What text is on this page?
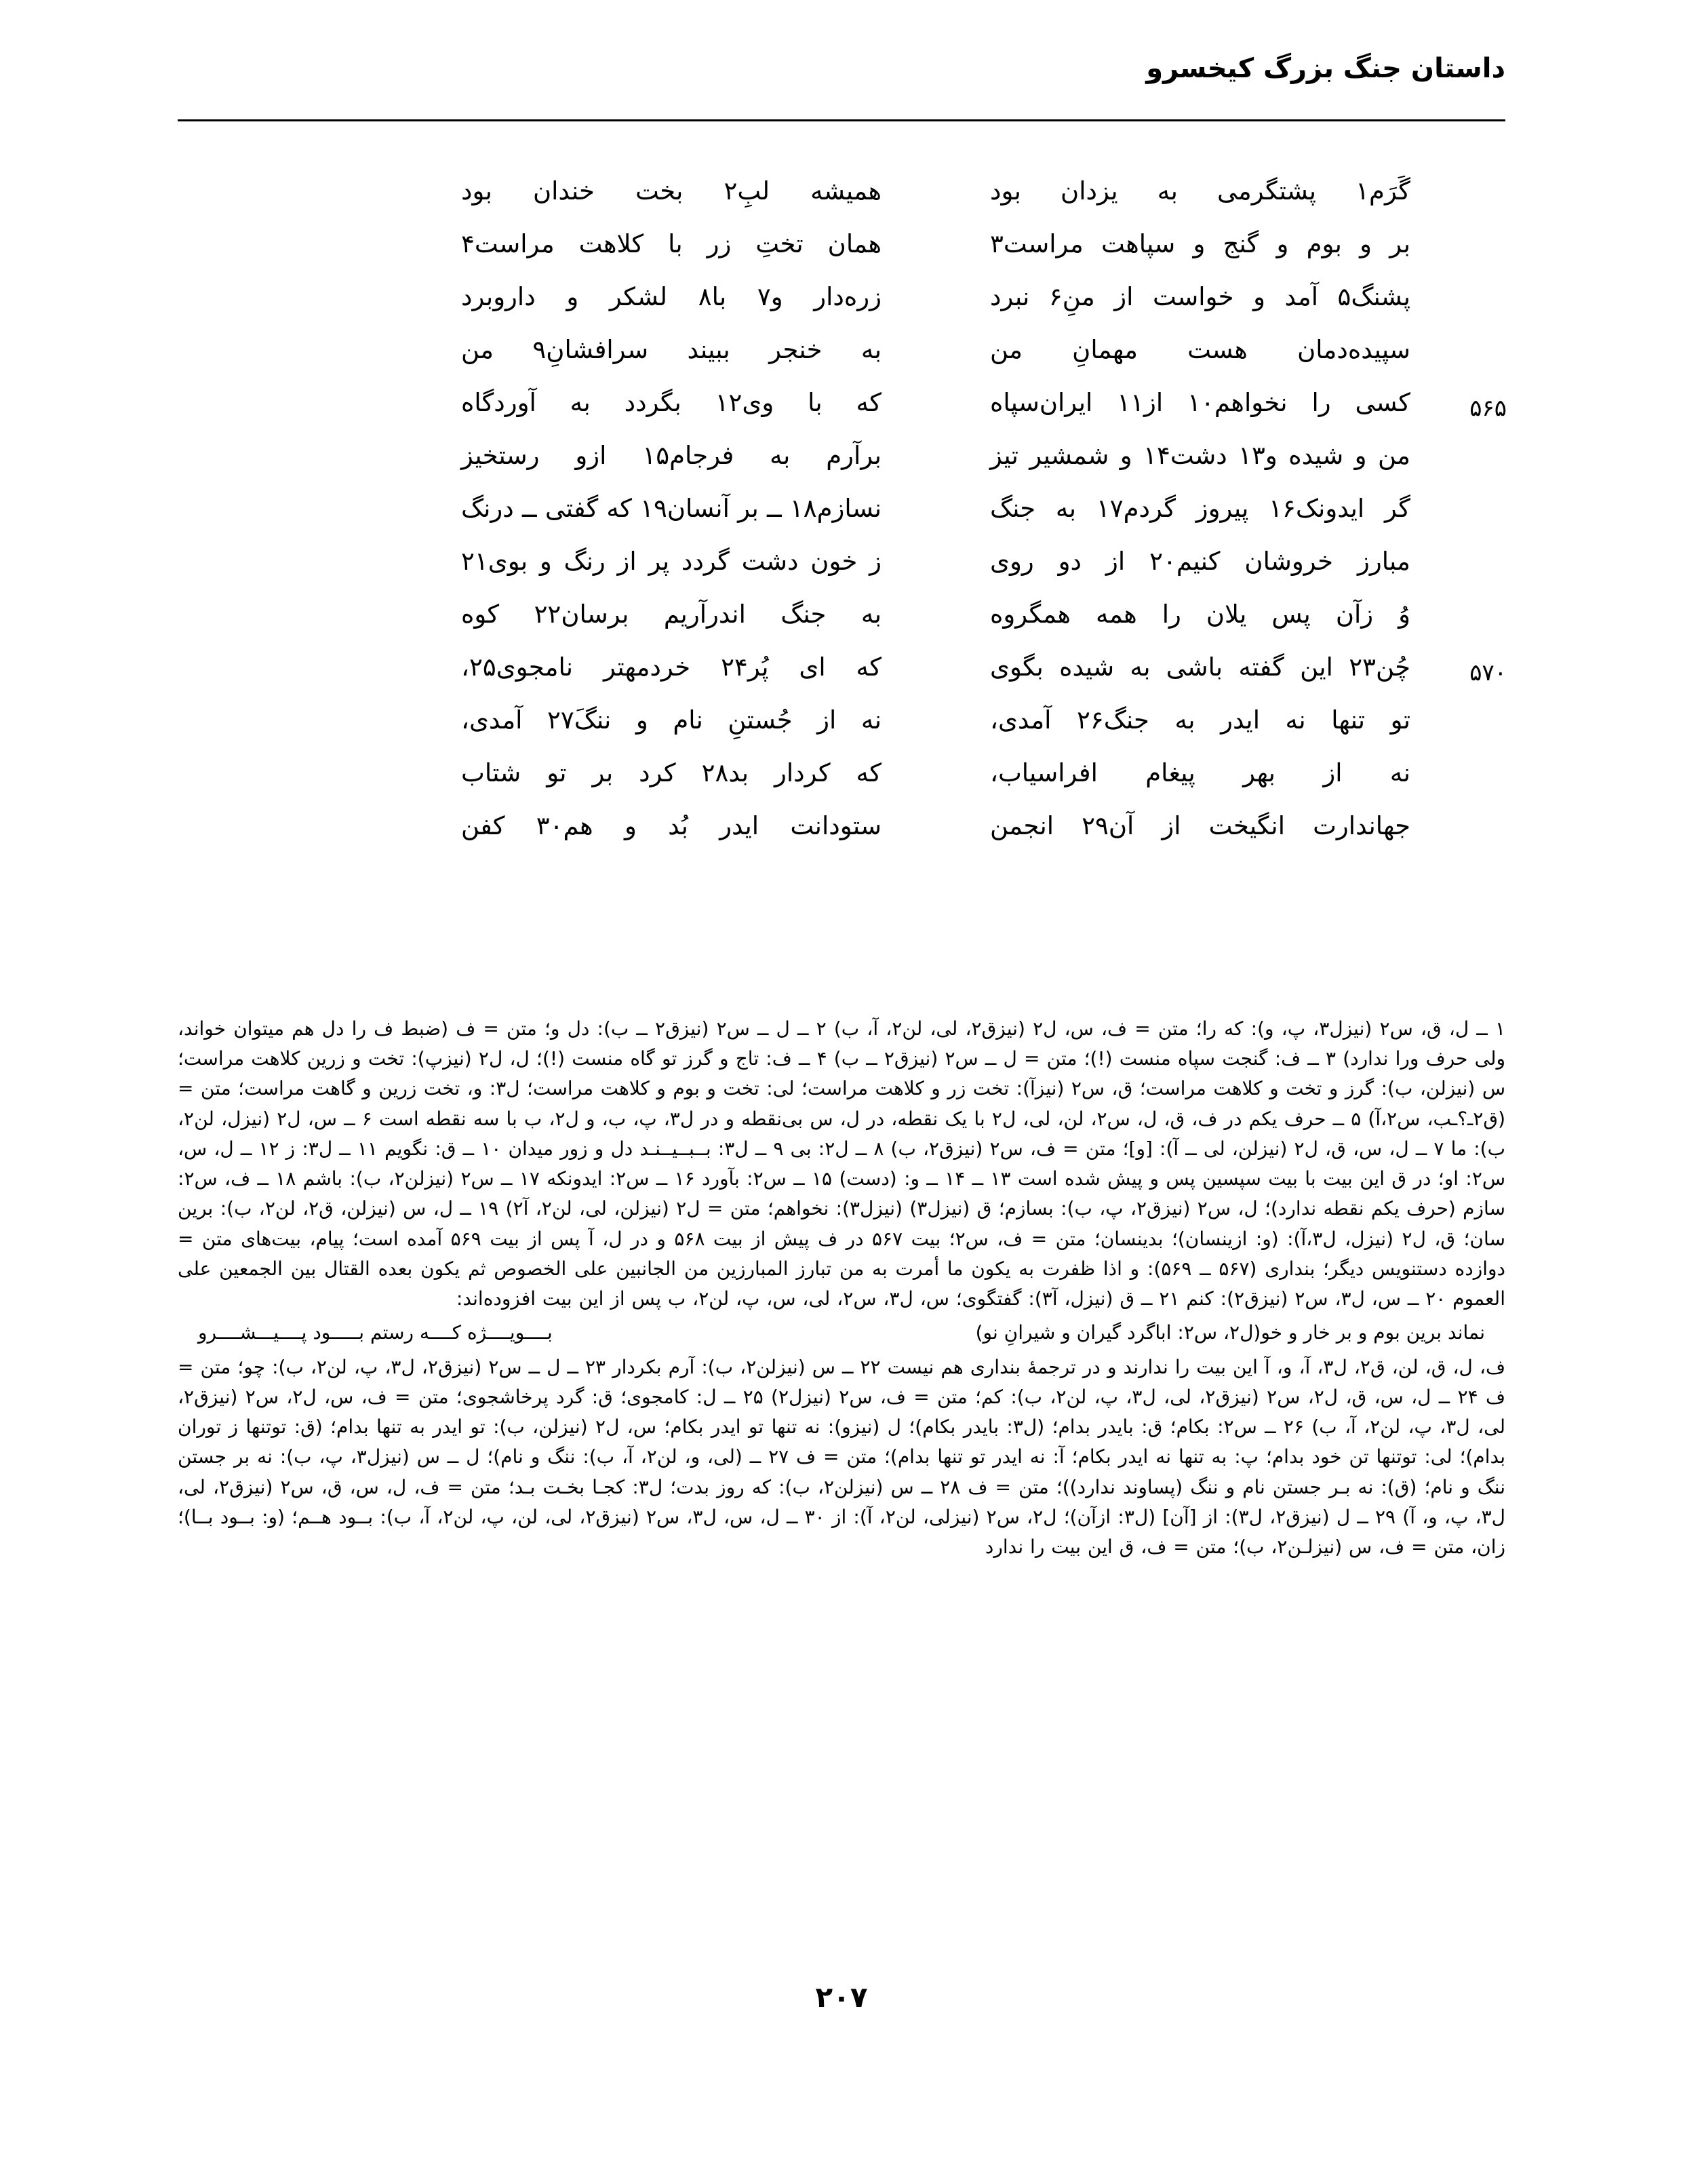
داستان جنگ بزرگ کیخسرو
گَرَم۱ پشتگرمی به یزدان بود
همیشه لبِ۲ بخت خندان بود
بر و بوم و گنج و سپاهت مراست۳
همان تختِ زر با کلاهت مراست۴
پشنگ۵ آمد و خواست از منِ۶ نبرد
زره‌دار و۷ با۸ لشکر و داروبرد
سپیده‌دمان هست مهمانِ من
به خنجر ببیند سرافشانِ۹ من
۵۶۵
کسی را نخواهم۱۰ از۱۱ ایران‌سپاه
که با وی۱۲ بگردد به آوردگاه
من و شیده و۱۳ دشت۱۴ و شمشیر تیز
برآرم به فرجام۱۵ ازو رستخیز
گر ایدونک۱۶ پیروز گردم۱۷ به جنگ
نسازم۱۸ ــ بر آنسان۱۹ که گفتی ــ درنگ
مبارز خروشان کنیم۲۰ از دو روی
ز خون دشت گردد پر از رنگ و بوی۲۱
وُ زآن پس یلان را همه همگروه
به جنگ اندرآریم برسان۲۲ کوه
۵۷۰
چُن۲۳ این گفته باشی به شیده بگوی
که ای پُر۲۴ خردمهتر نامجوی۲۵،
تو تنها نه ایدر به جنگ۲۶ آمدی،
نه از جُستنِ نام و ننگَ۲۷ آمدی،
نه از بهر پیغام افراسیاب،
که کردار بد۲۸ کرد بر تو شتاب
جهاندارت انگیخت از آن۲۹ انجمن
ستودانت ایدر بُد و هم۳۰ کفن
۱ ــ ل، ق، س۲ (نیزل۳، پ، و): که را؛ متن = ف، س، ل۲ (نیزق۲، لی، لن۲، آ، ب) ۲ ــ ل ــ س۲ (نیزق۲ ــ ب): دل و؛ متن = ف (ضبط ف را دل هم میتوان خواند، ولی حرف ورا ندارد) ۳ ــ ف: گنجت سپاه منست (!)؛ متن = ل ــ س۲ (نیزق۲ ــ ب) ۴ ــ ف: تاج و گرز تو گاه منست (!)؛ ل، ل۲ (نیزپ): تخت و زرین کلاهت مراست؛ س (نیزلن، ب): گرز و تخت و کلاهت مراست؛ ق، س۲ (نیزآ): تخت زر و کلاهت مراست؛ لی: تخت و بوم و کلاهت مراست؛ ل۳: و، تخت زرین و گاهت مراست؛ متن = (ق۲ـ؟ـب، س۲،آ) ۵ ــ حرف یکم در ف، ق، ل، س۲، لن، لی، ل۲ با یک نقطه، در ل، س بی‌نقطه و در ل۳، پ، ب، و ل۲، ب با سه نقطه است ۶ ــ س، ل۲ (نیزل، لن۲، ب): ما ۷ ــ ل، س، ق، ل۲ (نیزلن، لی ــ آ): [و]؛ متن = ف، س۲ (نیزق۲، ب) ۸ ــ ل۲: بی ۹ ــ ل۳: بــبــیــنـد دل و زور میدان ۱۰ ــ ق: نگویم ۱۱ ــ ل۳: ز ۱۲ ــ ل، س، س۲: او؛ در ق این بیت با بیت سپسین پس و پیش شده است ۱۳ ــ ۱۴ ــ و: (دست) ۱۵ ــ س۲: بآورد ۱۶ ــ س۲: ایدونکه ۱۷ ــ س۲ (نیزلن۲، ب): باشم ۱۸ ــ ف، س۲: سازم (حرف یکم نقطه ندارد)؛ ل، س۲ (نیزق۲، پ، ب): بسازم؛ ق (نیزل۳) (نیزل۳): نخواهم؛ متن = ل۲ (نیزلن، لی، لن۲، آ۲) ۱۹ ــ ل، س (نیزلن، ق۲، لن۲، ب): برین سان؛ ق، ل۲ (نیزل، ل۳،آ): (و: ازینسان)؛ بدینسان؛ متن = ف، س۲؛ بیت ۵۶۷ در ف پیش از بیت ۵۶۸ و در ل، آ پس از بیت ۵۶۹ آمده است؛ پیام، بیت‌های متن = دوازده دستنویس دیگر؛ بنداری (۵۶۷ ــ ۵۶۹): و اذا ظفرت به یکون ما أمرت به من تبارز المبارزین من الجانبین علی الخصوص ثم یکون بعده القتال بین الجمعین علی العموم ۲۰ ــ س، ل۳، س۲ (نیزق۲): کنم ۲۱ ــ ق (نیزل، آ۳): گفتگوی؛ س، ل۳، س۲، لی، س، پ، لن۲، ب پس از این بیت افزوده‌اند:
نماند برین بوم و بر خار و خو(ل۲، س۲: اباگرد گیران و شیرانِ نو)
بــــویــــژه کــــه رستم بـــــود پــــیـــشــــرو
ف، ل، ق، لن، ق۲، ل۳، آ، و، آ این بیت را ندارند و در ترجمهٔ بنداری هم نیست ۲۲ ــ س (نیزلن۲، ب): آرم بکردار ۲۳ ــ ل ــ س۲ (نیزق۲، ل۳، پ، لن۲، ب): چو؛ متن = ف ۲۴ ــ ل، س، ق، ل۲، س۲ (نیزق۲، لی، ل۳، پ، لن۲، ب): کم؛ متن = ف، س۲ (نیزل۲) ۲۵ ــ ل: کامجوی؛ ق: گرد پرخاشجوی؛ متن = ف، س، ل۲، س۲ (نیزق۲، لی، ل۳، پ، لن۲، آ، ب) ۲۶ ــ س۲: بکام؛ ق: بایدر بدام؛ (ل۳: بایدر بکام)؛ ل (نیزو): نه تنها تو ایدر بکام؛ س، ل۲ (نیزلن، ب): تو ایدر به تنها بدام؛ (ق: توتنها ز توران بدام)؛ لی: توتنها تن خود بدام؛ پ: به تنها نه ایدر بکام؛ آ: نه ایدر تو تنها بدام)؛ متن = ف ۲۷ ــ (لی، و، لن۲، آ، ب): ننگ و نام)؛ ل ــ س (نیزل۳، پ، ب): نه بر جستن ننگ و نام؛ (ق): نه بـر جستن نام و ننگ (پساوند ندارد))؛ متن = ف ۲۸ ــ س (نیزلن۲، ب): که روز بدت؛ ل۳: کجـا بخـت بـد؛ متن = ف، ل، س، ق، س۲ (نیزق۲، لی، ل۳، پ، و، آ) ۲۹ ــ ل (نیزق۲، ل۳): از [آن] (ل۳: ازآن)؛ ل۲، س۲ (نیزلی، لن۲، آ): از ۳۰ ــ ل، س، ل۳، س۲ (نیزق۲، لی، لن، پ، لن۲، آ، ب): بــود هــم؛ (و: بــود بــا)؛ زان، متن = ف، س (نیزلـن۲، ب)؛ متن = ف، ق این بیت را ندارد
۲۰۷
